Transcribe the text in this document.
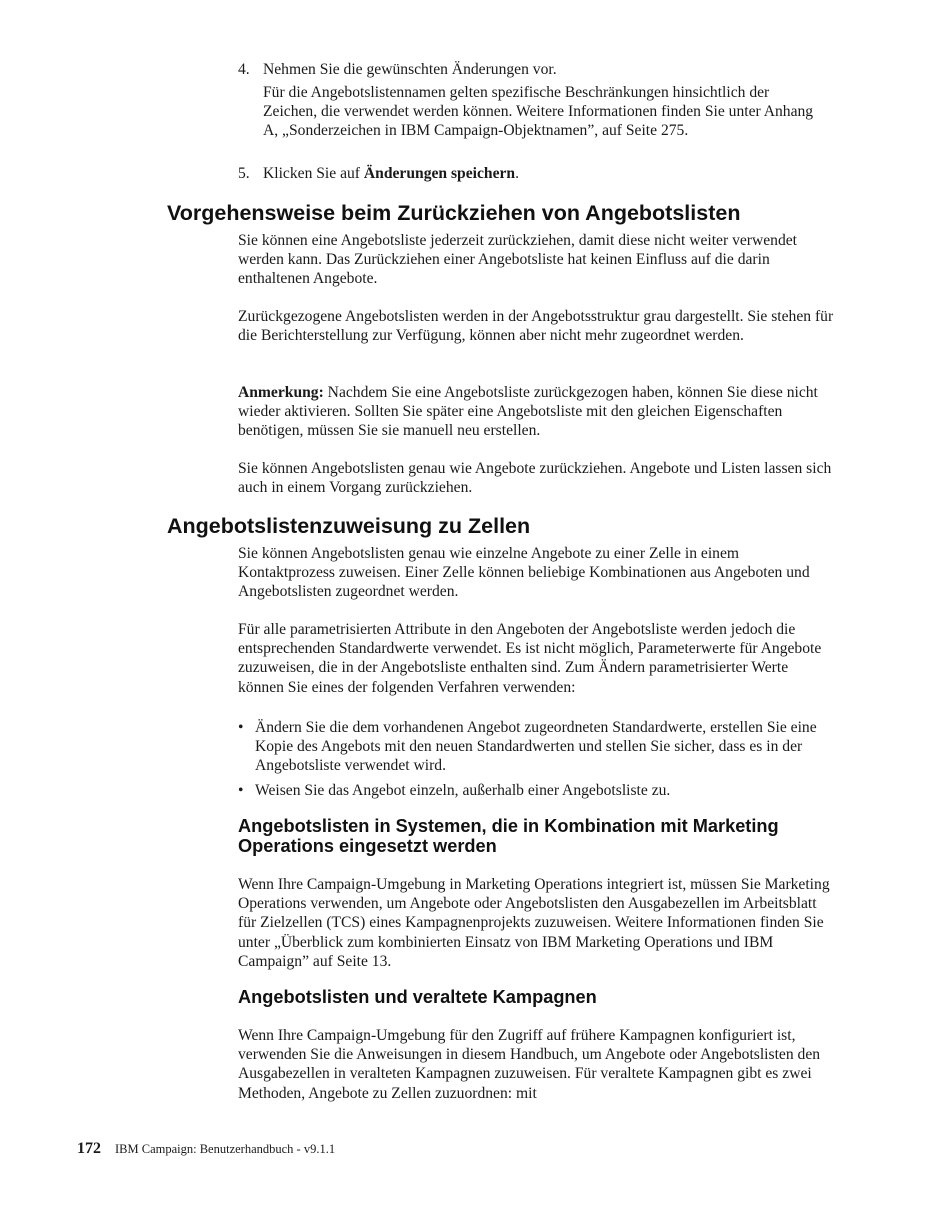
4. Nehmen Sie die gewünschten Änderungen vor.

Für die Angebotslistennamen gelten spezifische Beschränkungen hinsichtlich der Zeichen, die verwendet werden können. Weitere Informationen finden Sie unter Anhang A, „Sonderzeichen in IBM Campaign-Objektnamen”, auf Seite 275.

5. Klicken Sie auf Änderungen speichern.

Vorgehensweise beim Zurückziehen von Angebotslisten

Sie können eine Angebotsliste jederzeit zurückziehen, damit diese nicht weiter verwendet werden kann. Das Zurückziehen einer Angebotsliste hat keinen Einfluss auf die darin enthaltenen Angebote.

Zurückgezogene Angebotslisten werden in der Angebotsstruktur grau dargestellt. Sie stehen für die Berichterstellung zur Verfügung, können aber nicht mehr zugeordnet werden.

Anmerkung: Nachdem Sie eine Angebotsliste zurückgezogen haben, können Sie diese nicht wieder aktivieren. Sollten Sie später eine Angebotsliste mit den gleichen Eigenschaften benötigen, müssen Sie sie manuell neu erstellen.

Sie können Angebotslisten genau wie Angebote zurückziehen. Angebote und Listen lassen sich auch in einem Vorgang zurückziehen.

Angebotslistenzuweisung zu Zellen

Sie können Angebotslisten genau wie einzelne Angebote zu einer Zelle in einem Kontaktprozess zuweisen. Einer Zelle können beliebige Kombinationen aus Angeboten und Angebotslisten zugeordnet werden.

Für alle parametrisierten Attribute in den Angeboten der Angebotsliste werden jedoch die entsprechenden Standardwerte verwendet. Es ist nicht möglich, Parameterwerte für Angebote zuzuweisen, die in der Angebotsliste enthalten sind. Zum Ändern parametrisierter Werte können Sie eines der folgenden Verfahren verwenden:

• Ändern Sie die dem vorhandenen Angebot zugeordneten Standardwerte, erstellen Sie eine Kopie des Angebots mit den neuen Standardwerten und stellen Sie sicher, dass es in der Angebotsliste verwendet wird.
• Weisen Sie das Angebot einzeln, außerhalb einer Angebotsliste zu.
Angebotslisten in Systemen, die in Kombination mit Marketing Operations eingesetzt werden

Wenn Ihre Campaign-Umgebung in Marketing Operations integriert ist, müssen Sie Marketing Operations verwenden, um Angebote oder Angebotslisten den Ausgabezellen im Arbeitsblatt für Zielzellen (TCS) eines Kampagnenprojekts zuzuweisen. Weitere Informationen finden Sie unter „Überblick zum kombinierten Einsatz von IBM Marketing Operations und IBM Campaign” auf Seite 13.

Angebotslisten und veraltete Kampagnen

Wenn Ihre Campaign-Umgebung für den Zugriff auf frühere Kampagnen konfiguriert ist, verwenden Sie die Anweisungen in diesem Handbuch, um Angebote oder Angebotslisten den Ausgabezellen in veralteten Kampagnen zuzuweisen. Für veraltete Kampagnen gibt es zwei Methoden, Angebote zu Zellen zuzuordnen: mit

172 IBM Campaign: Benutzerhandbuch - v9.1.1
